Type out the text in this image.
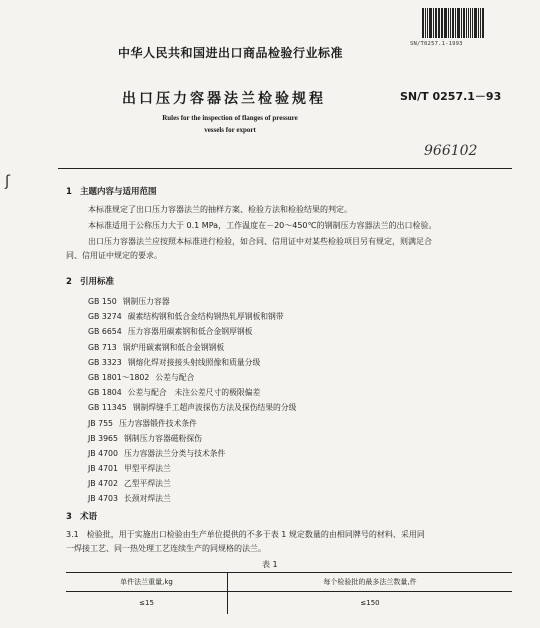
SN/T0257.1-1993
中华人民共和国进出口商品检验行业标准
出口压力容器法兰检验规程	SN/T 0257.1－93
Rules for the inspection of flanges of pressure
vessels for export
966102
ʃ
1 主题内容与适用范围
本标准规定了出口压力容器法兰的抽样方案、检验方法和检验结果的判定。
本标准适用于公称压力大于 0.1 MPa，工作温度在－20～450℃的钢制压力容器法兰的出口检验。
出口压力容器法兰应按照本标准进行检验，如合同、信用证中对某些检验项目另有规定，则满足合
同、信用证中规定的要求。
2 引用标准
GB 150 钢制压力容器
GB 3274 碳素结构钢和低合金结构钢热轧厚钢板和钢带
GB 6654 压力容器用碳素钢和低合金钢厚钢板
GB 713 锅炉用碳素钢和低合金钢钢板
GB 3323 钢熔化焊对接接头射线照像和质量分级
GB 1801～1802 公差与配合
GB 1804 公差与配合　未注公差尺寸的极限偏差
GB 11345 钢制焊缝手工超声波探伤方法及探伤结果的分级
JB 755 压力容器锻件技术条件
JB 3965 钢制压力容器磁粉探伤
JB 4700 压力容器法兰分类与技术条件
JB 4701 甲型平焊法兰
JB 4702 乙型平焊法兰
JB 4703 长颈对焊法兰
3 术语
3.1　检验批，用于实施出口检验由生产单位提供的不多于表 1 规定数量的由相同牌号的材料、采用同
一焊接工艺、同一热处理工艺连续生产的同规格的法兰。
表 1
单件法兰重量,kg	每个检验批的最多法兰数量,件
≤15	≤150
